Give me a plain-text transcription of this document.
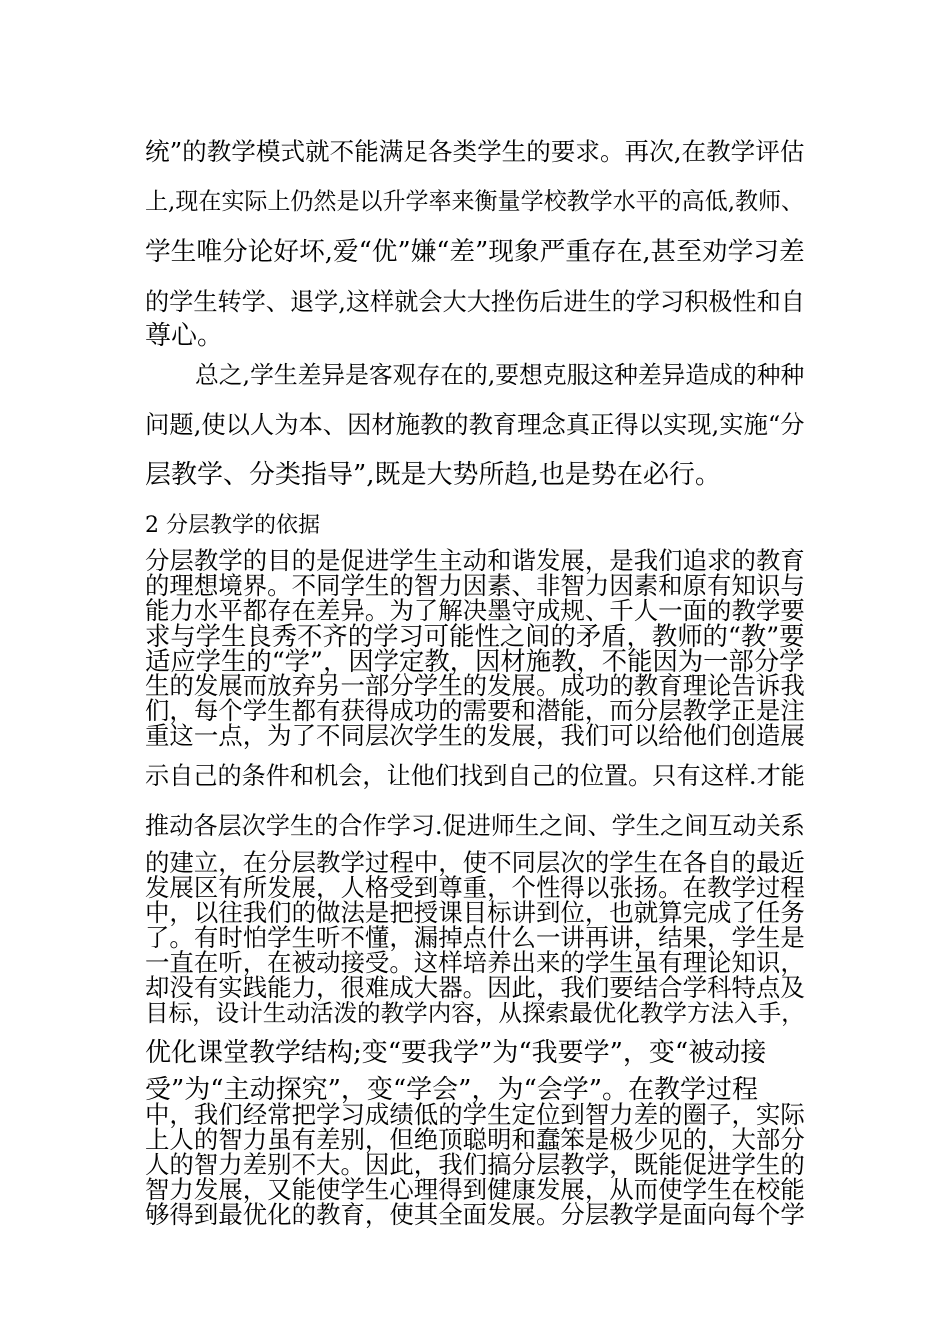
统”的教学模式就不能满足各类学生的要求。再次,在教学评估
上,现在实际上仍然是以升学率来衡量学校教学水平的高低,教师、
学生唯分论好坏,爱“优”嫌“差”现象严重存在,甚至劝学习差
的学生转学、退学,这样就会大大挫伤后进生的学习积极性和自
尊心。
总之,学生差异是客观存在的,要想克服这种差异造成的种种
问题,使以人为本、因材施教的教育理念真正得以实现,实施“分
层教学、分类指导”,既是大势所趋,也是势在必行。
2 分层教学的依据
分层教学的目的是促进学生主动和谐发展，是我们追求的教育
的理想境界。不同学生的智力因素、非智力因素和原有知识与
能力水平都存在差异。为了解决墨守成规、千人一面的教学要
求与学生良秀不齐的学习可能性之间的矛盾，教师的“教”要
适应学生的“学”，因学定教，因材施教，不能因为一部分学
生的发展而放弃另一部分学生的发展。成功的教育理论告诉我
们，每个学生都有获得成功的需要和潜能，而分层教学正是注
重这一点，为了不同层次学生的发展，我们可以给他们创造展
示自己的条件和机会，让他们找到自己的位置。只有这样.才能
推动各层次学生的合作学习.促进师生之间、学生之间互动关系
的建立，在分层教学过程中，使不同层次的学生在各自的最近
发展区有所发展，人格受到尊重，个性得以张扬。在教学过程
中，以往我们的做法是把授课目标讲到位，也就算完成了任务
了。有时怕学生听不懂，漏掉点什么一讲再讲，结果，学生是
一直在听，在被动接受。这样培养出来的学生虽有理论知识，
却没有实践能力，很难成大器。因此，我们要结合学科特点及
目标，设计生动活泼的教学内容，从探索最优化教学方法入手，
优化课堂教学结构;变“要我学”为“我要学”，变“被动接
受”为“主动探究”，变“学会”，为“会学”。在教学过程
中，我们经常把学习成绩低的学生定位到智力差的圈子，实际
上人的智力虽有差别，但绝顶聪明和蠢笨是极少见的，大部分
人的智力差别不大。因此，我们搞分层教学，既能促进学生的
智力发展，又能使学生心理得到健康发展，从而使学生在校能
够得到最优化的教育，使其全面发展。分层教学是面向每个学
